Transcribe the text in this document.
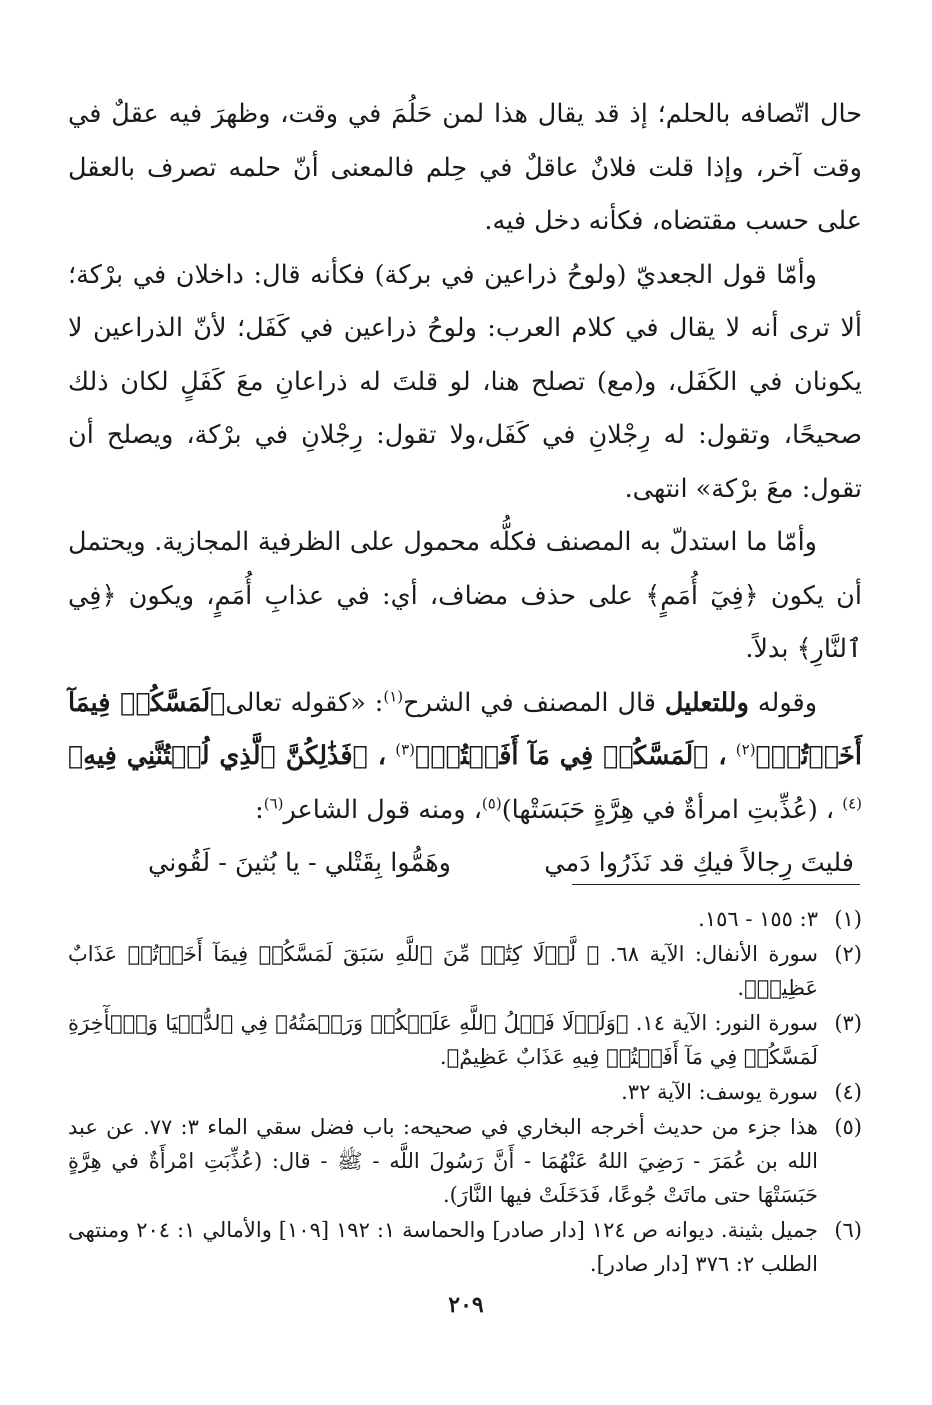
حال اتّصافه بالحلم؛ إذ قد يقال هذا لمن حَلُمَ في وقت، وظهرَ فيه عقلٌ في وقت آخر، وإذا قلت فلانٌ عاقلٌ في حِلم فالمعنى أنّ حلمه تصرف بالعقل على حسب مقتضاه، فكأنه دخل فيه.

وأمّا قول الجعديّ (ولوحُ ذراعين في بركة) فكأنه قال: داخلان في برْكة؛ ألا ترى أنه لا يقال في كلام العرب: ولوحُ ذراعين في كَفَل؛ لأنّ الذراعين لا يكونان في الكَفَل، و(مع) تصلح هنا، لو قلتَ له ذراعانِ معَ كَفَلٍ لكان ذلك صحيحًا، وتقول: له رِجْلانِ في كَفَل،ولا تقول: رِجْلانِ في برْكة، ويصلح أن تقول: معَ برْكة» انتهى.

وأمّا ما استدلّ به المصنف فكلُّه محمول على الظرفية المجازية. ويحتمل أن يكون ﴿فِيٓ أُمَمٍ﴾ على حذف مضاف، أي: في عذابِ أُمَمٍ، ويكون ﴿فِي ٱلنَّارِ﴾ بدلاً.

وقوله وللتعليل قال المصنف في الشرح$^{(١)}$: «كقوله تعالى﴿لَمَسَّكُمۡ فِيمَآ أَخَذۡتُمۡ﴾$^{(٢)}$ ، ﴿لَمَسَّكُمۡ فِي مَآ أَفَضۡتُمۡ﴾$^{(٣)}$ ، ﴿فَذَٰلِكُنَّ ٱلَّذِي لُمۡتُنَّنِي فِيهِ﴾$^{(٤)}$ ، (عُذِّبتِ امرأةٌ في هِرَّةٍ حَبَسَتْها)$^{(٥)}$، ومنه قول الشاعر$^{(٦)}$:

فليتَ رِجالاً فيكِ قد نَذَرُوا دَمي
وهَمُّوا بِقَتْلي - يا بُثينَ - لَقُوني
(١)
٣: ١٥٥ - ١٥٦.
(٢)
سورة الأنفال: الآية ٦٨. ﴿ لَّوۡلَا كِتَٰبٞ مِّنَ ٱللَّهِ سَبَقَ لَمَسَّكُمۡ فِيمَآ أَخَذۡتُمۡ عَذَابٌ عَظِيمٞ﴾.
(٣)
سورة النور: الآية ١٤. ﴿وَلَوۡلَا فَضۡلُ ٱللَّهِ عَلَيۡكُمۡ وَرَحۡمَتُهُۥ فِي ٱلدُّنۡيَا وَٱلۡأٓخِرَةِ لَمَسَّكُمۡ فِي مَآ أَفَضۡتُمۡ فِيهِ عَذَابٌ عَظِيمٌ﴾.
(٤)
سورة يوسف: الآية ٣٢.
(٥)
هذا جزء من حديث أخرجه البخاري في صحيحه: باب فضل سقي الماء ٣: ٧٧. عن عبد الله بن عُمَرَ - رَضِيَ اللهُ عَنْهُمَا - أَنَّ رَسُولَ اللَّه - ﷺ - قال: (عُذِّبَتِ امْرأَةٌ في هِرَّةٍ حَبَسَتْهَا حتى ماتَتْ جُوعًا، فَدَخَلَتْ فيها النَّارَ).
(٦)
جميل بثينة. ديوانه ص ١٢٤ [دار صادر] والحماسة ١: ١٩٢ [١٠٩] والأمالي ١: ٢٠٤ ومنتهى الطلب ٢: ٣٧٦ [دار صادر].
٢٠٩
